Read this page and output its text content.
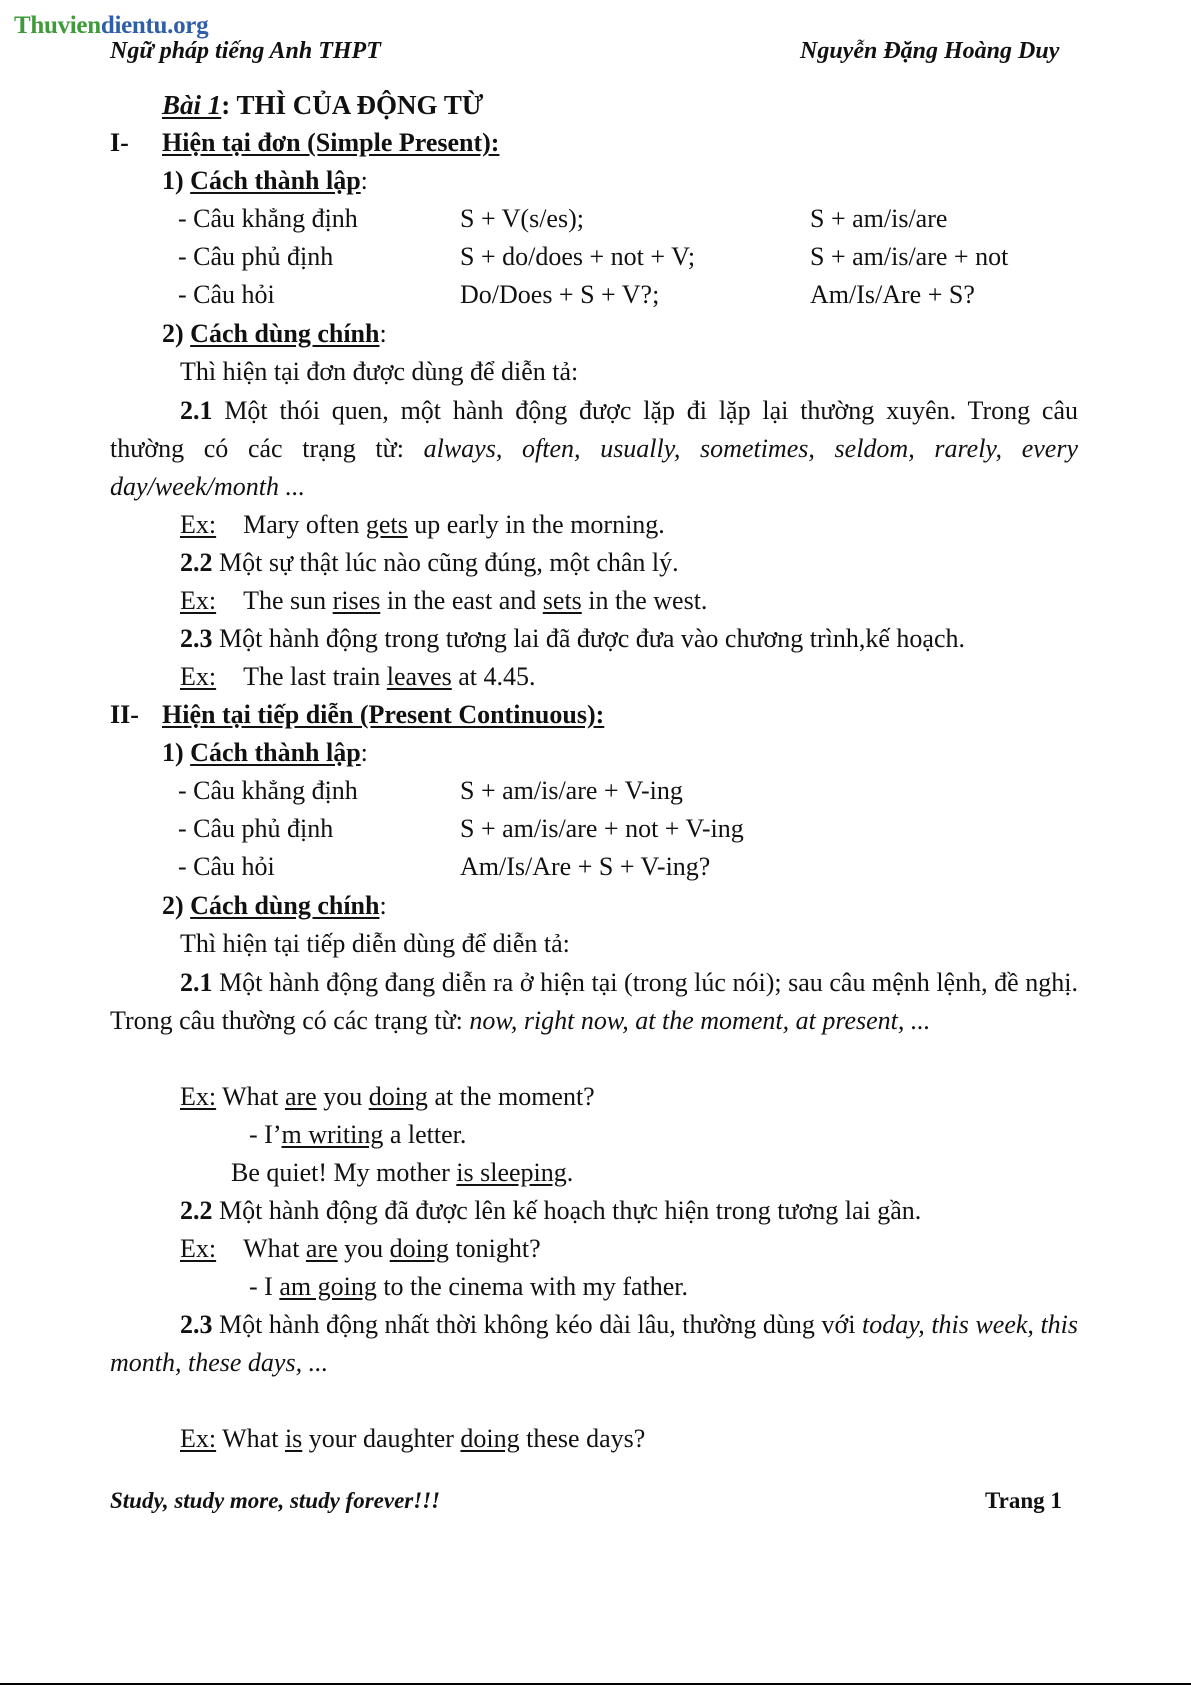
Thuviendientu.org
Ngữ pháp tiếng Anh THPT	Nguyễn Đặng Hoàng Duy
Bài 1: THÌ CỦA ĐỘNG TỪ
I- Hiện tại đơn (Simple Present):
1) Cách thành lập:
- Câu khẳng định	S + V(s/es);	S + am/is/are
- Câu phủ định	S + do/does + not + V;	S + am/is/are + not
- Câu hỏi	Do/Does + S + V?;	Am/Is/Are + S?
2) Cách dùng chính:
Thì hiện tại đơn được dùng để diễn tả:
2.1 Một thói quen, một hành động được lặp đi lặp lại thường xuyên. Trong câu thường có các trạng từ: always, often, usually, sometimes, seldom, rarely, every day/week/month ...
Ex: Mary often gets up early in the morning.
2.2 Một sự thật lúc nào cũng đúng, một chân lý.
Ex: The sun rises in the east and sets in the west.
2.3 Một hành động trong tương lai đã được đưa vào chương trình,kế hoạch.
Ex: The last train leaves at 4.45.
II- Hiện tại tiếp diễn (Present Continuous):
1) Cách thành lập:
- Câu khẳng định	S + am/is/are + V-ing
- Câu phủ định	S + am/is/are + not + V-ing
- Câu hỏi	Am/Is/Are + S + V-ing?
2) Cách dùng chính:
Thì hiện tại tiếp diễn dùng để diễn tả:
2.1 Một hành động đang diễn ra ở hiện tại (trong lúc nói); sau câu mệnh lệnh, đề nghị. Trong câu thường có các trạng từ: now, right now, at the moment, at present, ...
Ex: What are you doing at the moment?
- I’m writing a letter.
Be quiet! My mother is sleeping.
2.2 Một hành động đã được lên kế hoạch thực hiện trong tương lai gần.
Ex: What are you doing tonight?
- I am going to the cinema with my father.
2.3 Một hành động nhất thời không kéo dài lâu, thường dùng với today, this week, this month, these days, ...
Ex: What is your daughter doing these days?
Study, study more, study forever!!!	Trang 1
